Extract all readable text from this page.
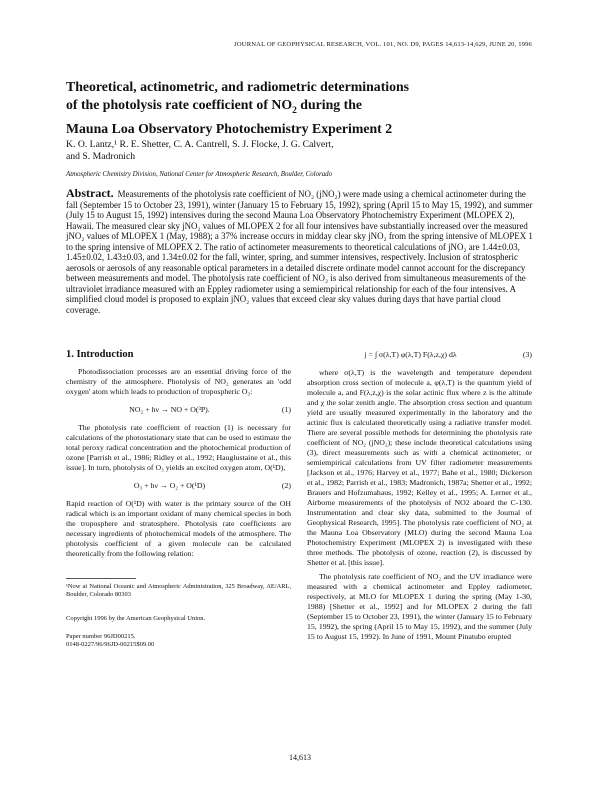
JOURNAL OF GEOPHYSICAL RESEARCH, VOL. 101, NO. D9, PAGES 14,613-14,629, JUNE 20, 1996
Theoretical, actinometric, and radiometric determinations
of the photolysis rate coefficient of $NO_2$ during the
Mauna Loa Observatory Photochemistry Experiment 2
K. O. Lantz,¹ R. E. Shetter, C. A. Cantrell, S. J. Flocke, J. G. Calvert,
and S. Madronich
Atmospheric Chemistry Division, National Center for Atmospheric Research, Boulder, Colorado

Abstract. Measurements of the photolysis rate coefficient of NO₂ (jNO₂) were made using a chemical actinometer during the fall (September 15 to October 23, 1991), winter (January 15 to February 15, 1992), spring (April 15 to May 15, 1992), and summer (July 15 to August 15, 1992) intensives during the second Mauna Loa Observatory Photochemistry Experiment (MLOPEX 2), Hawaii. The measured clear sky jNO₂ values of MLOPEX 2 for all four intensives have substantially increased over the measured jNO₂ values of MLOPEX 1 (May, 1988); a 37% increase occurs in midday clear sky jNO₂ from the spring intensive of MLOPEX 1 to the spring intensive of MLOPEX 2. The ratio of actinometer measurements to theoretical calculations of jNO₂ are 1.44±0.03, 1.45±0.02, 1.43±0.03, and 1.34±0.02 for the fall, winter, spring, and summer intensives, respectively. Inclusion of stratospheric aerosols or aerosols of any reasonable optical parameters in a detailed discrete ordinate model cannot account for the discrepancy between measurements and model. The photolysis rate coefficient of NO₂ is also derived from simultaneous measurements of the ultraviolet irradiance measured with an Eppley radiometer using a semiempirical relationship for each of the four intensives. A simplified cloud model is proposed to explain jNO₂ values that exceed clear sky values during days that have partial cloud coverage.

1. Introduction

Photodissociation processes are an essential driving force of the chemistry of the atmosphere. Photolysis of NO₂ generates an 'odd oxygen' atom which leads to production of tropospheric O₃:

NO₂ + hν → NO + O(³P).	(1)

The photolysis rate coefficient of reaction (1) is necessary for calculations of the photostationary state that can be used to estimate the total peroxy radical concentration and the photochemical production of ozone [Parrish et al., 1986; Ridley et al., 1992; Hauglustaine et al., this issue]. In turn, photolysis of O₃ yields an excited oxygen atom, O(¹D),

O₃ + hν → O₂ + O(¹D)	(2)

Rapid reaction of O(¹D) with water is the primary source of the OH radical which is an important oxidant of many chemical species in both the troposphere and stratosphere. Photolysis rate coefficients are necessary ingredients of photochemical models of the atmosphere. The photolysis coefficient of a given molecule can be calculated theoretically from the following relation:

¹Now at National Oceanic and Atmospheric Administration, 325 Broadway, AE/ARL, Boulder, Colorado 80303

Copyright 1996 by the American Geophysical Union.

Paper number 96JD00215.

0148-0227/96/96JD-00215$09.00

j = ∫ σ(λ,T) φ(λ,T) F(λ,z,χ) dλ	(3)

where σ(λ,T) is the wavelength and temperature dependent absorption cross section of molecule a, φ(λ,T) is the quantum yield of molecule a, and F(λ,z,χ) is the solar actinic flux where z is the altitude and χ the solar zenith angle. The absorption cross section and quantum yield are usually measured experimentally in the laboratory and the actinic flux is calculated theoretically using a radiative transfer model. There are several possible methods for determining the photolysis rate coefficient of NO₂ (jNO₂); these include theoretical calculations using (3), direct measurements such as with a chemical actinometer, or semiempirical calculations from UV filter radiometer measurements [Jackson et al., 1976; Harvey et al., 1977; Bahe et al., 1980; Dickerson et al., 1982; Parrish et al., 1983; Madronich, 1987a; Shetter et al., 1992; Brauers and Hofzumahaus, 1992; Kelley et al., 1995; A. Lerner et al., Airborne measurements of the photolysis of NO2 aboard the C-130. Instrumentation and clear sky data, submitted to the Journal of Geophysical Research, 1995]. The photolysis rate coefficient of NO₂ at the Mauna Loa Observatory (MLO) during the second Mauna Loa Photochemistry Experiment (MLOPEX 2) is investigated with these three methods. The photolysis of ozone, reaction (2), is discussed by Shetter et al. [this issue].

The photolysis rate coefficient of NO₂ and the UV irradiance were measured with a chemical actinometer and Eppley radiometer, respectively, at MLO for MLOPEX 1 during the spring (May 1-30, 1988) [Shetter et al., 1992] and for MLOPEX 2 during the fall (September 15 to October 23, 1991), the winter (January 15 to February 15, 1992), the spring (April 15 to May 15, 1992), and the summer (July 15 to August 15, 1992). In June of 1991, Mount Pinatubo erupted

14,613
